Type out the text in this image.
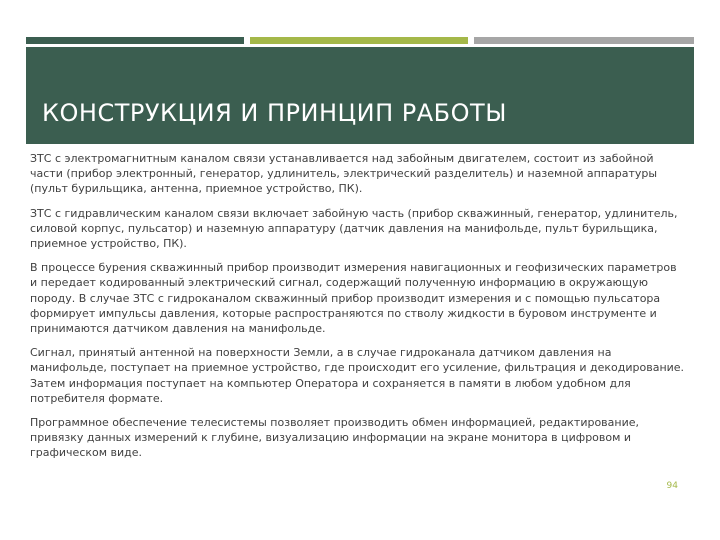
КОНСТРУКЦИЯ И ПРИНЦИП РАБОТЫ

ЗТС с электромагнитным каналом связи устанавливается над забойным двигателем, состоит из забойной части (прибор электронный, генератор, удлинитель, электрический разделитель) и наземной аппаратуры (пульт бурильщика, антенна, приемное устройство, ПК).

ЗТС с гидравлическим каналом связи включает забойную часть (прибор скважинный, генератор, удлинитель, силовой корпус, пульсатор) и наземную аппаратуру (датчик давления на манифольде, пульт бурильщика, приемное устройство, ПК).

В процессе бурения скважинный прибор производит измерения навигационных и геофизических параметров и передает кодированный электрический сигнал, содержащий полученную информацию в окружающую породу. В случае ЗТС с гидроканалом скважинный прибор производит измерения и с помощью пульсатора формирует импульсы давления, которые распространяются по стволу жидкости в буровом инструменте и принимаются датчиком давления на манифольде.

Сигнал, принятый антенной на поверхности Земли, а в случае гидроканала датчиком давления на манифольде, поступает на приемное устройство, где происходит его усиление, фильтрация и декодирование. Затем информация поступает на компьютер Оператора и сохраняется в памяти в любом удобном для потребителя формате.

Программное обеспечение телесистемы позволяет производить обмен информацией, редактирование, привязку данных измерений к глубине, визуализацию информации на экране монитора в цифровом и графическом виде.

94
